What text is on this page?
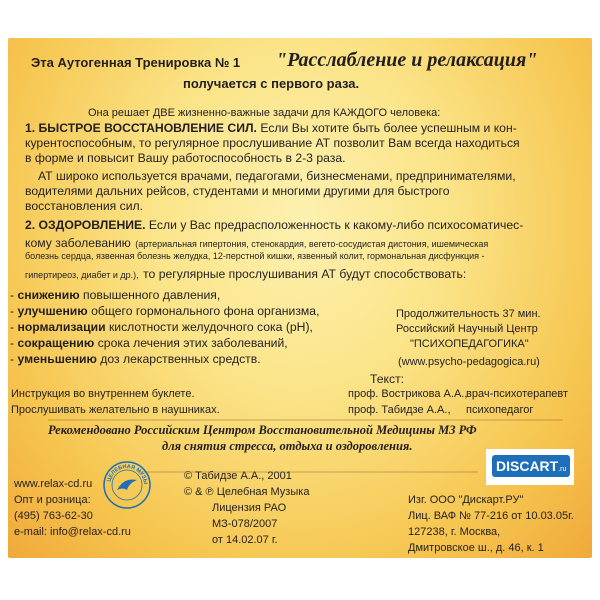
Эта Аутогенная Тренировка № 1 "Расслабление и релаксация"
получается с первого раза.
Она решает ДВЕ жизненно-важные задачи для КАЖДОГО человека:
1. БЫСТРОЕ ВОССТАНОВЛЕНИЕ СИЛ. Если Вы хотите быть более успешным и кон-
курентоспособным, то регулярное прослушивание АТ позволит Вам всегда находиться
в форме и повысит Вашу работоспособность в 2-3 раза.
АТ широко используется врачами, педагогами, бизнесменами, предпринимателями,
водителями дальних рейсов, студентами и многими другими для быстрого
восстановления сил.
2. ОЗДОРОВЛЕНИЕ. Если у Вас предрасположенность к какому-либо психосоматичес-
кому заболеванию (артериальная гипертония, стенокардия, вегето-сосудистая дистония, ишемическая
болезнь сердца, язвенная болезнь желудка, 12-перстной кишки, язвенный колит, гормональная дисфункция -
гипертиреоз, диабет и др.), то регулярные прослушивания АТ будут способствовать:
- снижению повышенного давления,
- улучшению общего гормонального фона организма,
- нормализации кислотности желудочного сока (рН),
- сокращению срока лечения этих заболеваний,
- уменьшению доз лекарственных средств.
Продолжительность 37 мин.
Российский Научный Центр
"ПСИХОПЕДАГОГИКА"
(www.psycho-pedagogica.ru)
Инструкция во внутреннем буклете.
Прослушивать желательно в наушниках.
Текст:
проф. Вострикова А.А.,
врач-психотерапевт
проф. Табидзе А.А., психопедагог
Рекомендовано Российским Центром Восстановительной Медицины МЗ РФ
для снятия стресса, отдыха и оздоровления.
ЦЕЛЕБНАЯ МУЗЫ
DISCART.ru
www.relax-cd.ru
Опт и розница:
(495) 763-62-30
e-mail: info@relax-cd.ru
© Табидзе А.А., 2001
© & ℗ Целебная Музыка
Лицензия РАО
МЗ-078/2007
от 14.02.07 г.
Изг. ООО "Дискарт.РУ"
Лиц. ВАФ № 77-216 от 10.03.05г.
127238, г. Москва,
Дмитровское ш., д. 46, к. 1
